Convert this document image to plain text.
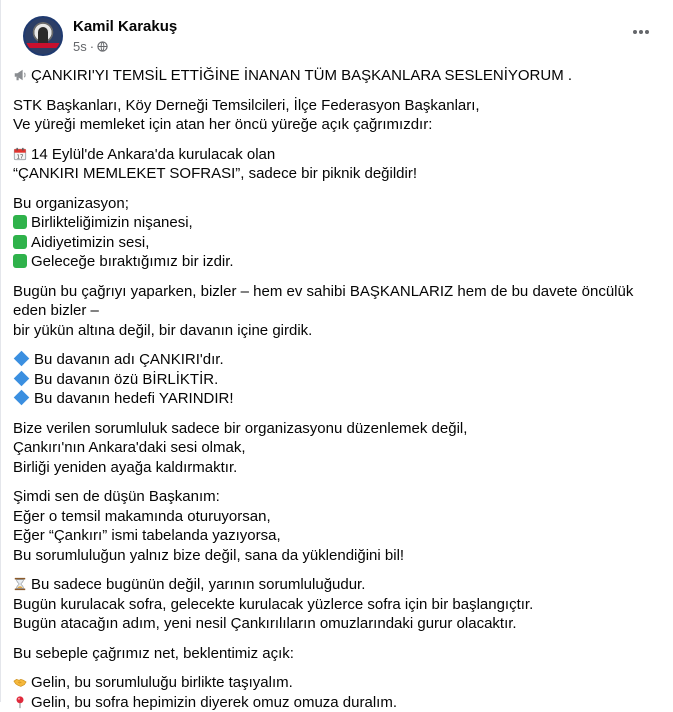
Kamil Karakuş
5s ·

ÇANKIRI'YI TEMSİL ETTİĞİNE İNANAN TÜM BAŞKANLARA SESLENİYORUM .

STK Başkanları, Köy Derneği Temsilcileri, İlçe Federasyon Başkanları,
Ve yüreği memleket için atan her öncü yüreğe açık çağrımızdır:

17 14 Eylül'de Ankara'da kurulacak olan
“ÇANKIRI MEMLEKET SOFRASI”, sadece bir piknik değildir!

Bu organizasyon;
Birlikteliğimizin nişanesi,
Aidiyetimizin sesi,
Geleceğe bıraktığımız bir izdir.

Bugün bu çağrıyı yaparken, bizler – hem ev sahibi BAŞKANLARIZ hem de bu davete öncülük eden bizler –
bir yükün altına değil, bir davanın içine girdik.

Bu davanın adı ÇANKIRI'dır.
Bu davanın özü BİRLİKTİR.
Bu davanın hedefi YARINDIR!

Bize verilen sorumluluk sadece bir organizasyonu düzenlemek değil,
Çankırı'nın Ankara'daki sesi olmak,
Birliği yeniden ayağa kaldırmaktır.

Şimdi sen de düşün Başkanım:
Eğer o temsil makamında oturuyorsan,
Eğer “Çankırı” ismi tabelanda yazıyorsa,
Bu sorumluluğun yalnız bize değil, sana da yüklendiğini bil!

Bu sadece bugünün değil, yarının sorumluluğudur.
Bugün kurulacak sofra, gelecekte kurulacak yüzlerce sofra için bir başlangıçtır.
Bugün atacağın adım, yeni nesil Çankırılıların omuzlarındaki gurur olacaktır.

Bu sebeple çağrımız net, beklentimiz açık:

Gelin, bu sorumluluğu birlikte taşıyalım.
Gelin, bu sofra hepimizin diyerek omuz omuza duralım.
